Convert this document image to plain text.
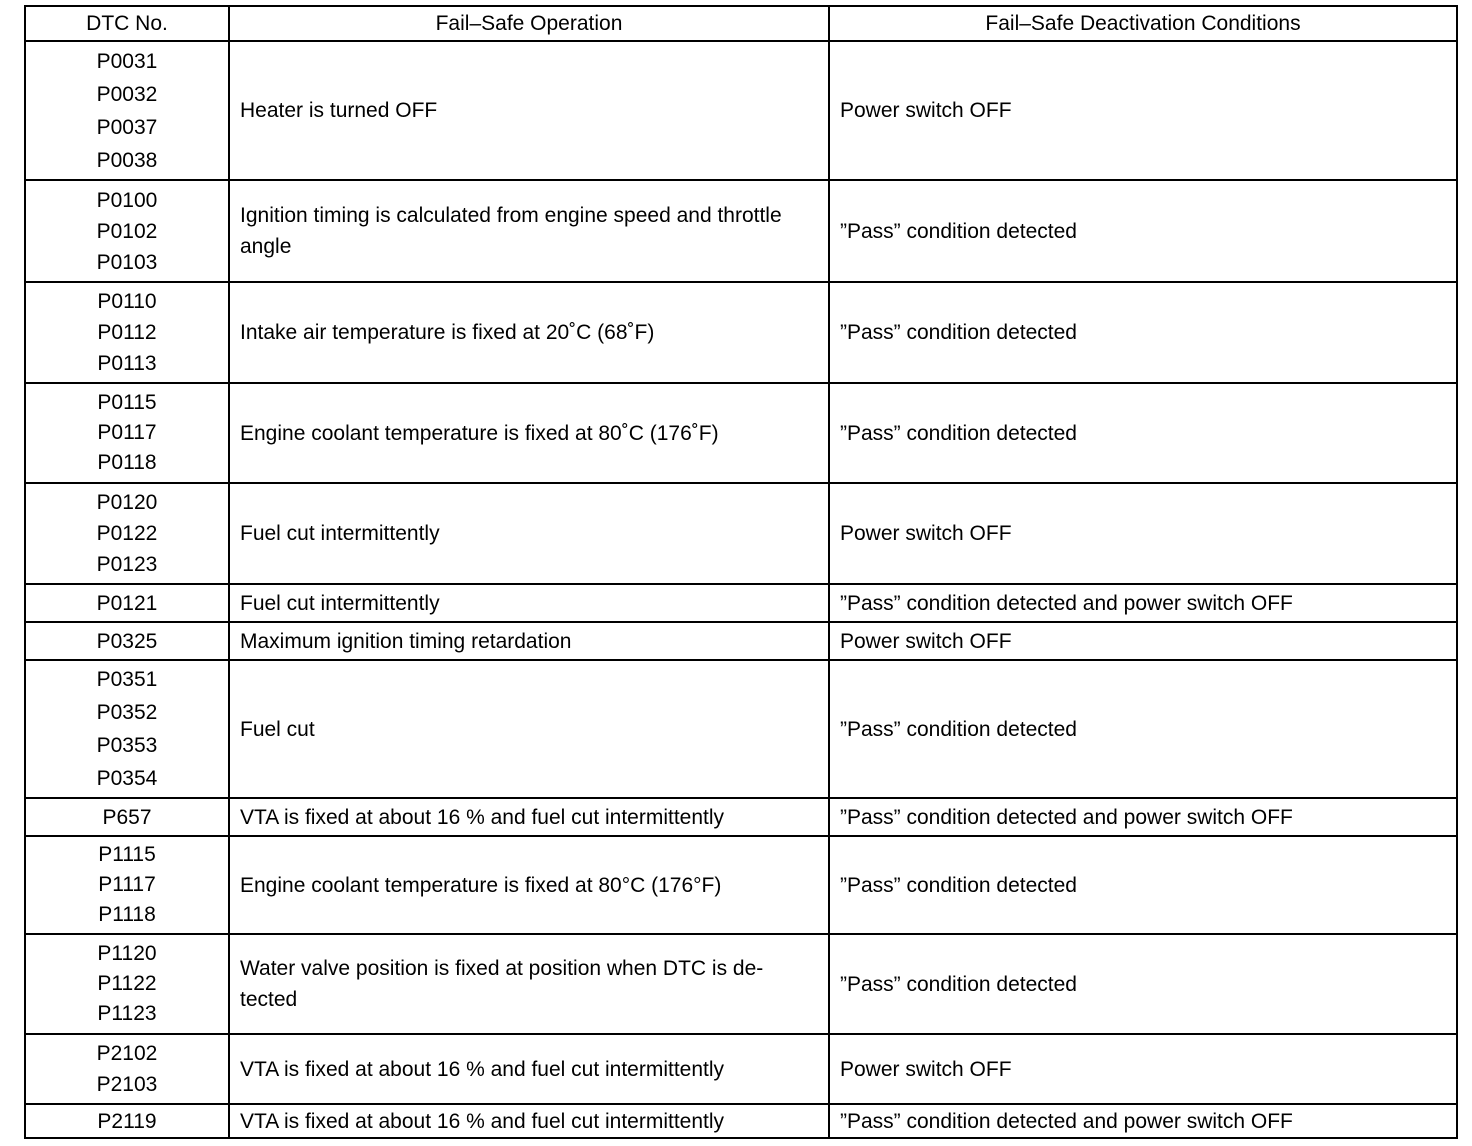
DTC No.	Fail–Safe Operation	Fail–Safe Deactivation Conditions

P0031
P0032
P0037
P0038	Heater is turned OFF	Power switch OFF

P0100
P0102
P0103	Ignition timing is calculated from engine speed and throttle angle	”Pass” condition detected

P0110
P0112
P0113	Intake air temperature is fixed at 20˚C (68˚F)	”Pass” condition detected

P0115
P0117
P0118	Engine coolant temperature is fixed at 80˚C (176˚F)	”Pass” condition detected

P0120
P0122
P0123	Fuel cut intermittently	Power switch OFF

P0121	Fuel cut intermittently	”Pass” condition detected and power switch OFF

P0325	Maximum ignition timing retardation	Power switch OFF

P0351
P0352
P0353
P0354	Fuel cut	”Pass” condition detected

P657	VTA is fixed at about 16 % and fuel cut intermittently	”Pass” condition detected and power switch OFF

P1115
P1117
P1118	Engine coolant temperature is fixed at 80°C (176°F)	”Pass” condition detected

P1120
P1122
P1123	Water valve position is fixed at position when DTC is de-tected	”Pass” condition detected

P2102
P2103	VTA is fixed at about 16 % and fuel cut intermittently	Power switch OFF

P2119	VTA is fixed at about 16 % and fuel cut intermittently	”Pass” condition detected and power switch OFF
